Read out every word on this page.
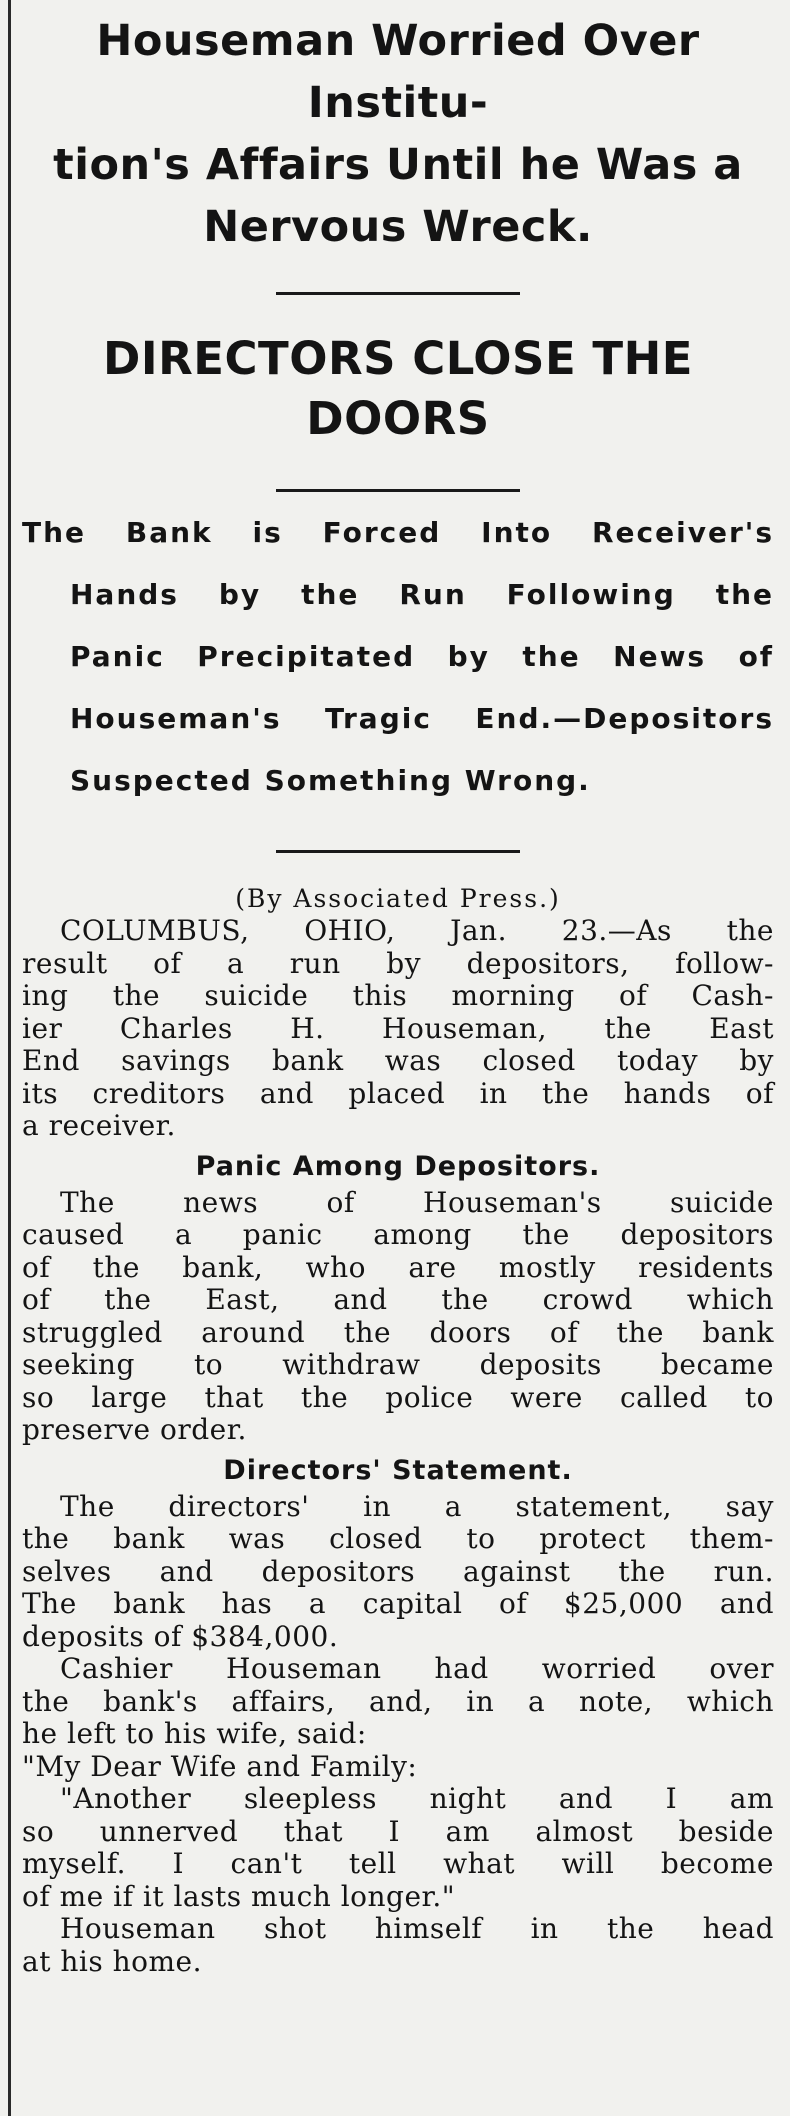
Houseman Worried Over Institu-

tion's Affairs Until he Was a

Nervous Wreck.

DIRECTORS CLOSE THE DOORS

The Bank is Forced Into Receiver's
Hands by the Run Following the
Panic Precipitated by the News of
Houseman's Tragic End.—Depositors
Suspected Something Wrong.

(By Associated Press.)

COLUMBUS, OHIO, Jan. 23.—As the
result of a run by depositors, follow-
ing the suicide this morning of Cash-
ier Charles H. Houseman, the East
End savings bank was closed today by
its creditors and placed in the hands of
a receiver.

Panic Among Depositors.

The news of Houseman's suicide
caused a panic among the depositors
of the bank, who are mostly residents
of the East, and the crowd which
struggled around the doors of the bank
seeking to withdraw deposits became
so large that the police were called to
preserve order.

Directors' Statement.

The directors' in a statement, say
the bank was closed to protect them-
selves and depositors against the run.
The bank has a capital of $25,000 and
deposits of $384,000.
Cashier Houseman had worried over
the bank's affairs, and, in a note, which
he left to his wife, said:
"My Dear Wife and Family:
"Another sleepless night and I am
so unnerved that I am almost beside
myself. I can't tell what will become
of me if it lasts much longer."
Houseman shot himself in the head
at his home.
